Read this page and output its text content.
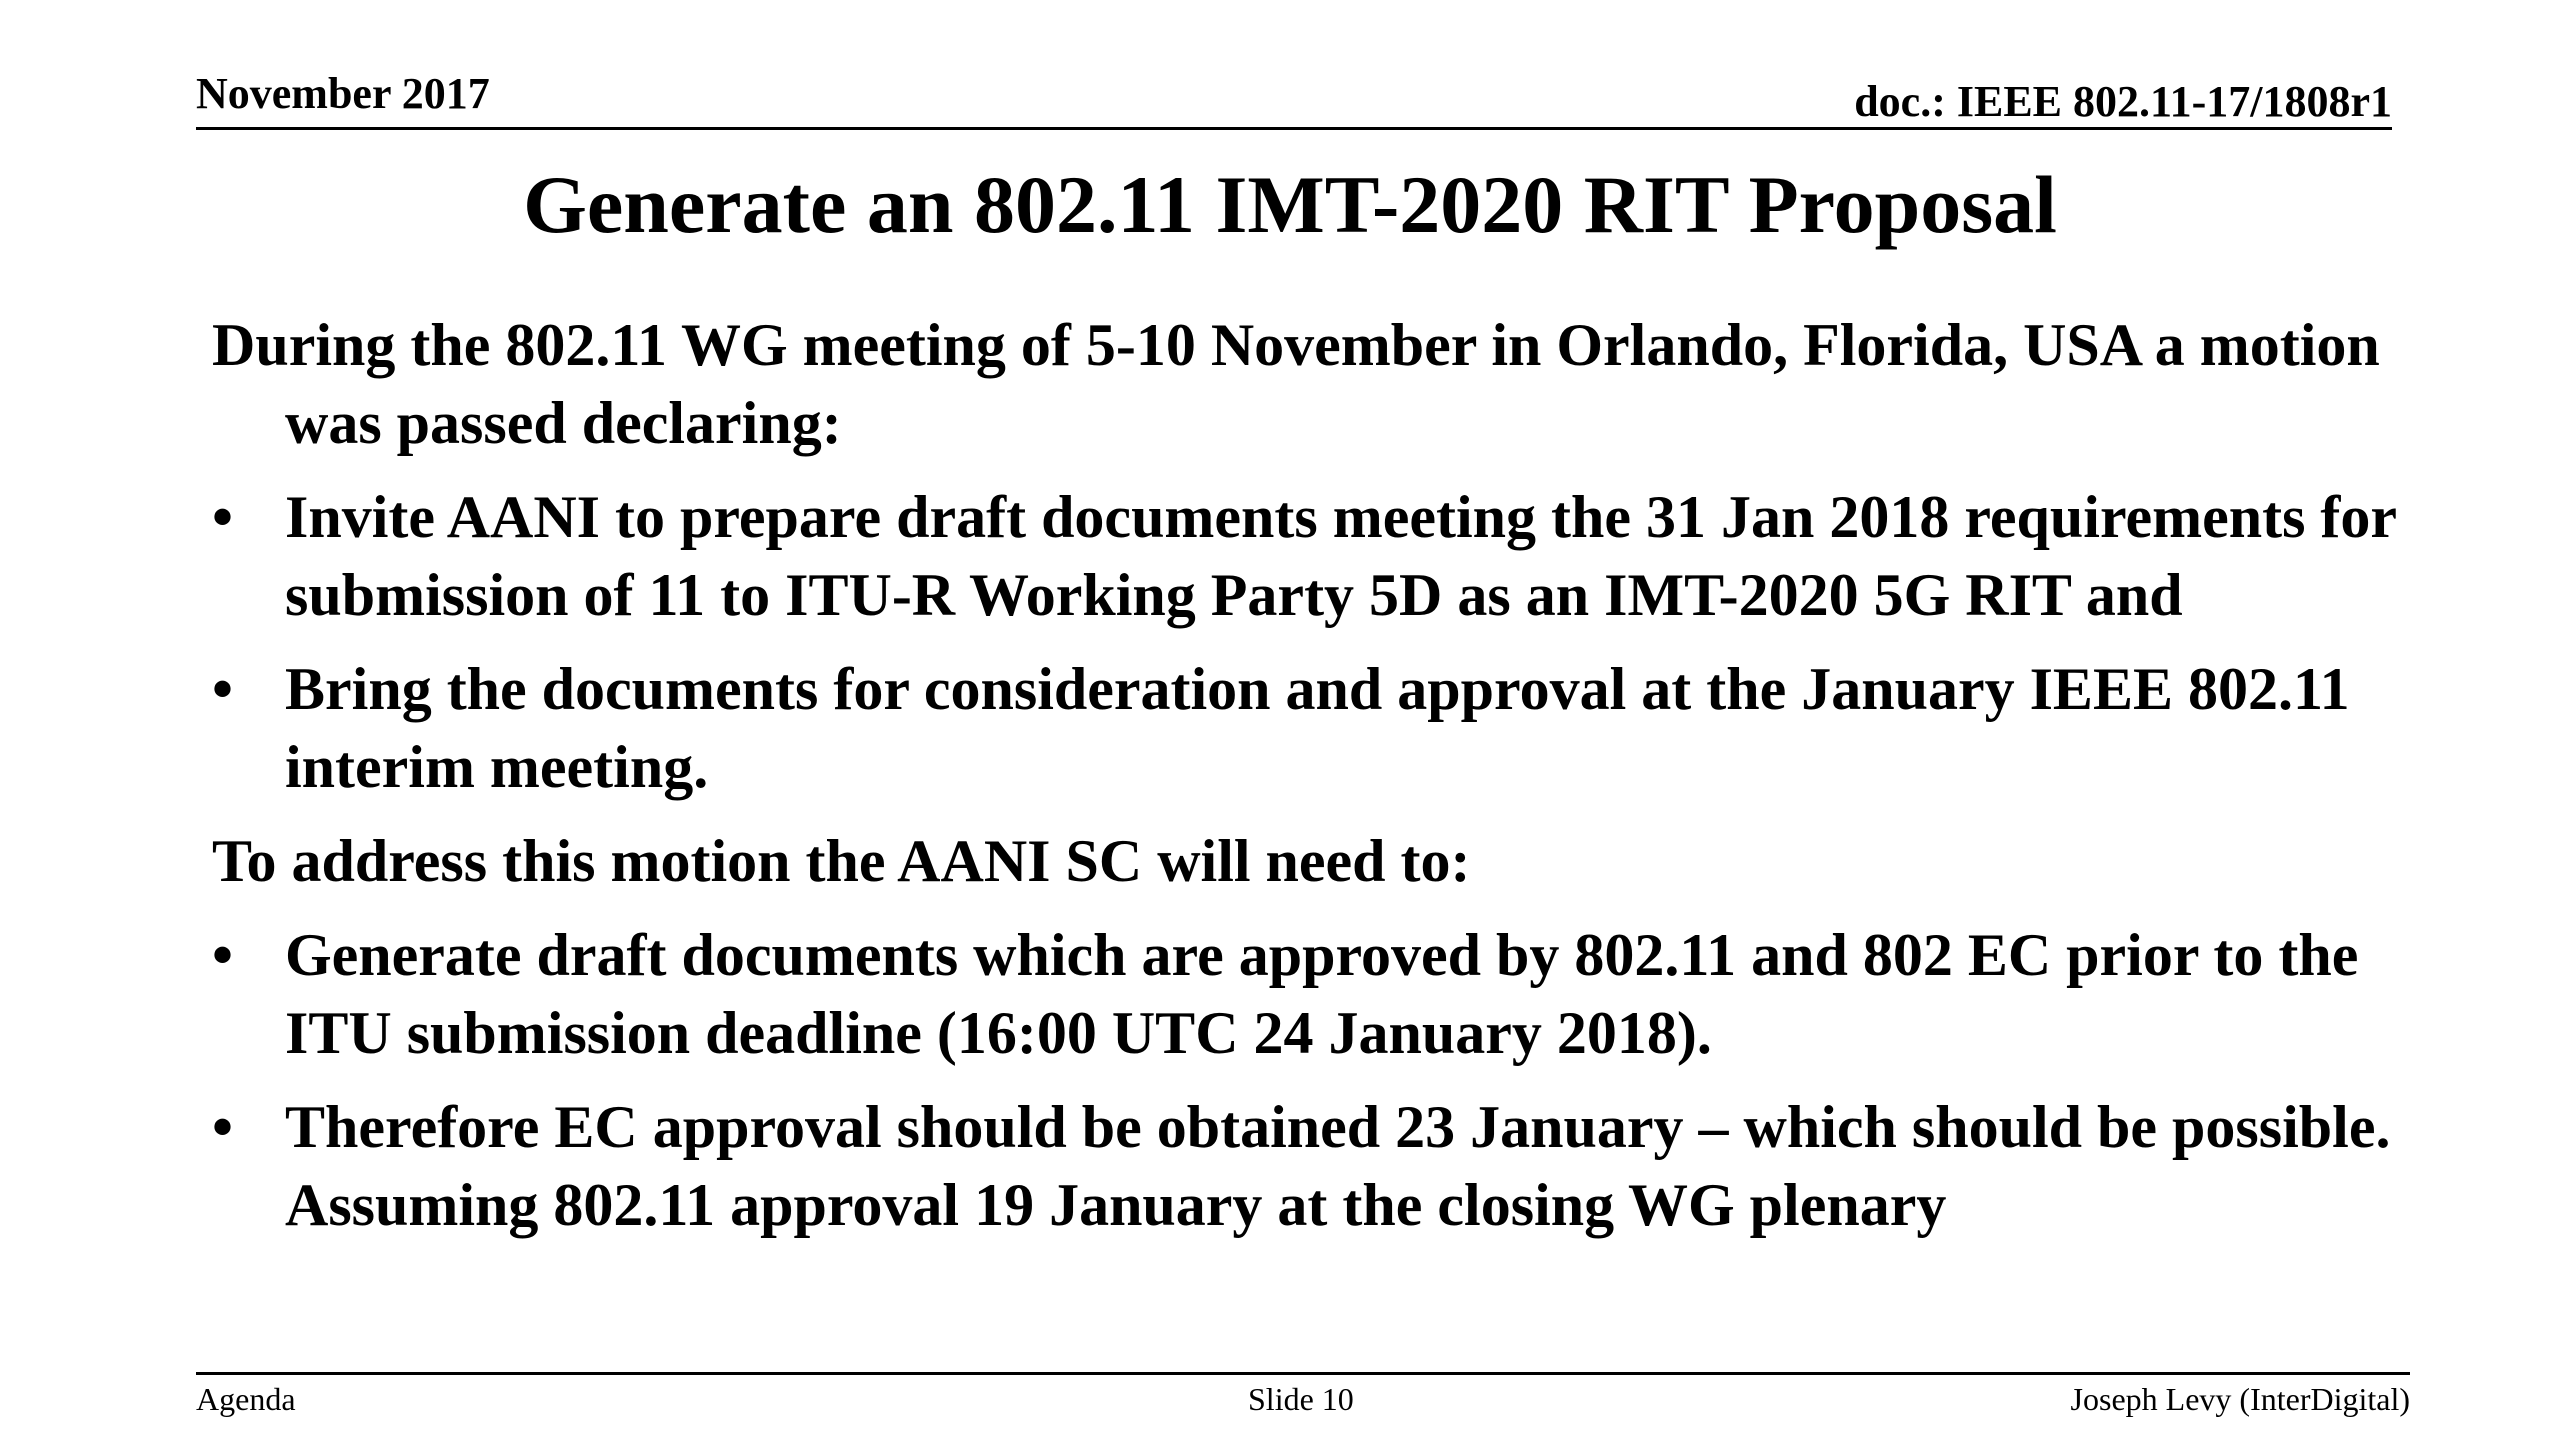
November 2017	doc.: IEEE 802.11-17/1808r1
Generate an 802.11 IMT-2020 RIT Proposal
During the 802.11 WG meeting of 5-10 November in Orlando, Florida, USA a motion was passed declaring:
• Invite AANI to prepare draft documents meeting the 31 Jan 2018 requirements for submission of 11 to ITU-R Working Party 5D as an IMT-2020 5G RIT and
• Bring the documents for consideration and approval at the January IEEE 802.11 interim meeting.
To address this motion the AANI SC will need to:
• Generate draft documents which are approved by 802.11 and 802 EC prior to the ITU submission deadline (16:00 UTC 24 January 2018).
• Therefore EC approval should be obtained 23 January – which should be possible. Assuming 802.11 approval 19 January at the closing WG plenary
Agenda	Slide 10	Joseph Levy (InterDigital)
